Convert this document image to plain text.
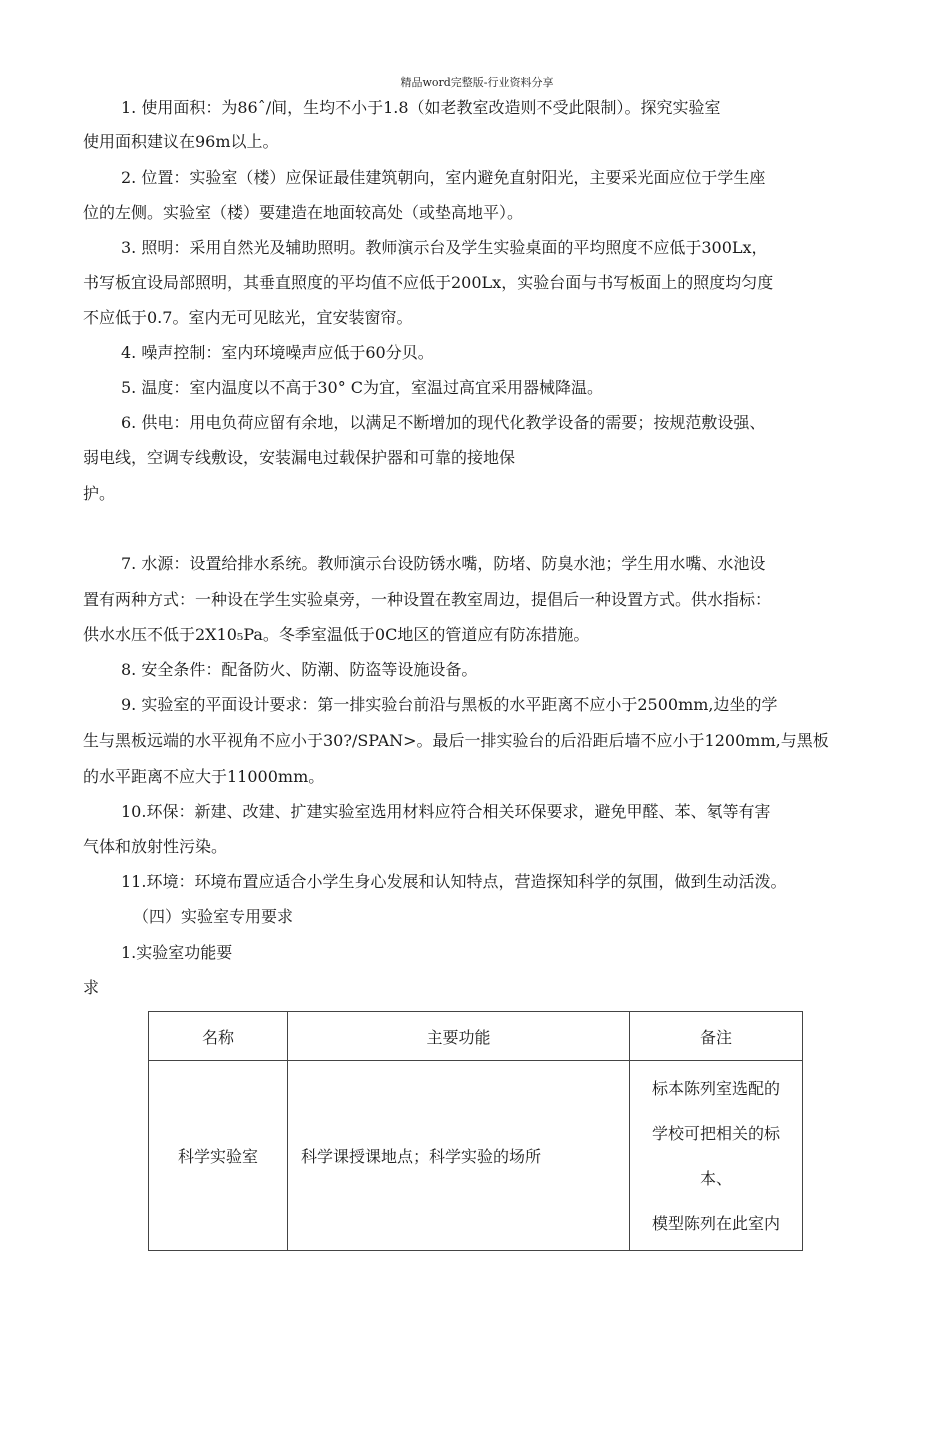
精品word完整版-行业资料分享
1. 使用面积：为86ˆ/间，生均不小于1.8（如老教室改造则不受此限制）。探究实验室
使用面积建议在96m以上。
2. 位置：实验室（楼）应保证最佳建筑朝向，室内避免直射阳光，主要采光面应位于学生座
位的左侧。实验室（楼）要建造在地面较高处（或垫高地平）。
3. 照明：采用自然光及辅助照明。教师演示台及学生实验桌面的平均照度不应低于300Lx，
书写板宜设局部照明，其垂直照度的平均值不应低于200Lx，实验台面与书写板面上的照度均匀度
不应低于0.7。室内无可见眩光，宜安装窗帘。
4. 噪声控制：室内环境噪声应低于60分贝。
5. 温度：室内温度以不高于30° C为宜，室温过高宜采用器械降温。
6. 供电：用电负荷应留有余地，以满足不断增加的现代化教学设备的需要；按规范敷设强、
弱电线，空调专线敷设，安装漏电过载保护器和可靠的接地保
护。
7. 水源：设置给排水系统。教师演示台设防锈水嘴，防堵、防臭水池；学生用水嘴、水池设
置有两种方式：一种设在学生实验桌旁，一种设置在教室周边，提倡后一种设置方式。供水指标：
供水水压不低于2X10₅Pa。冬季室温低于0C地区的管道应有防冻措施。
8. 安全条件：配备防火、防潮、防盗等设施设备。
9. 实验室的平面设计要求：第一排实验台前沿与黑板的水平距离不应小于2500mm,边坐的学
生与黑板远端的水平视角不应小于30?/SPAN>。最后一排实验台的后沿距后墙不应小于1200mm,与黑板
的水平距离不应大于11000mm。
10.环保：新建、改建、扩建实验室选用材料应符合相关环保要求，避免甲醛、苯、氡等有害
气体和放射性污染。
11.环境：环境布置应适合小学生身心发展和认知特点，营造探知科学的氛围，做到生动活泼。
（四）实验室专用要求
1.实验室功能要
求
名称	主要功能	备注
科学实验室	科学课授课地点；科学实验的场所	标本陈列室选配的
学校可把相关的标
本、
模型陈列在此室内
